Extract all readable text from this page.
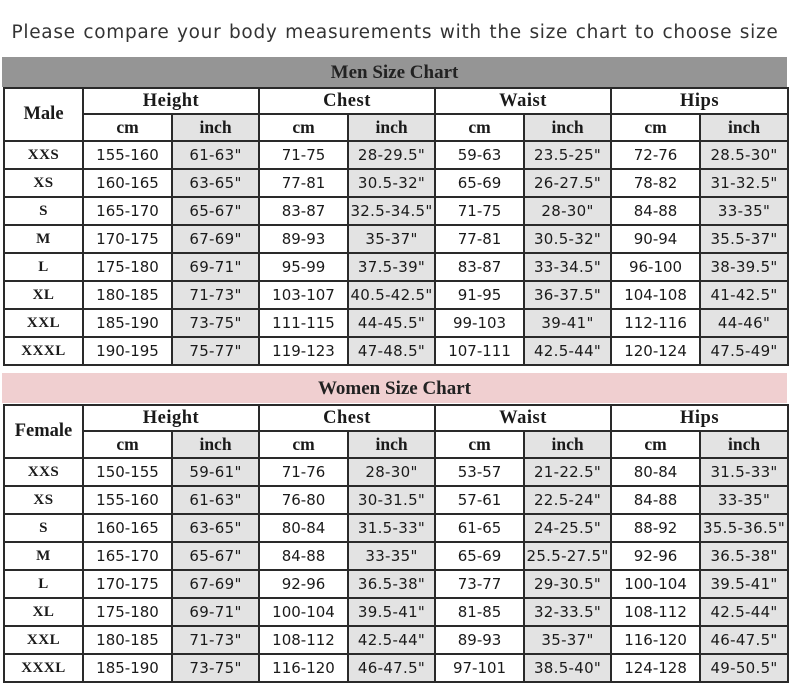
Please compare your body measurements with the size chart to choose size
Men Size Chart
Male	Height		Chest		Waist		Hips	
	cm	inch	cm	inch	cm	inch	cm	inch
XXS	155-160	61-63"	71-75	28-29.5"	59-63	23.5-25"	72-76	28.5-30"
XS	160-165	63-65"	77-81	30.5-32"	65-69	26-27.5"	78-82	31-32.5"
S	165-170	65-67"	83-87	32.5-34.5"	71-75	28-30"	84-88	33-35"
M	170-175	67-69"	89-93	35-37"	77-81	30.5-32"	90-94	35.5-37"
L	175-180	69-71"	95-99	37.5-39"	83-87	33-34.5"	96-100	38-39.5"
XL	180-185	71-73"	103-107	40.5-42.5"	91-95	36-37.5"	104-108	41-42.5"
XXL	185-190	73-75"	111-115	44-45.5"	99-103	39-41"	112-116	44-46"
XXXL	190-195	75-77"	119-123	47-48.5"	107-111	42.5-44"	120-124	47.5-49"
Women Size Chart
Female	Height		Chest		Waist		Hips	
	cm	inch	cm	inch	cm	inch	cm	inch
XXS	150-155	59-61"	71-76	28-30"	53-57	21-22.5"	80-84	31.5-33"
XS	155-160	61-63"	76-80	30-31.5"	57-61	22.5-24"	84-88	33-35"
S	160-165	63-65"	80-84	31.5-33"	61-65	24-25.5"	88-92	35.5-36.5"
M	165-170	65-67"	84-88	33-35"	65-69	25.5-27.5"	92-96	36.5-38"
L	170-175	67-69"	92-96	36.5-38"	73-77	29-30.5"	100-104	39.5-41"
XL	175-180	69-71"	100-104	39.5-41"	81-85	32-33.5"	108-112	42.5-44"
XXL	180-185	71-73"	108-112	42.5-44"	89-93	35-37"	116-120	46-47.5"
XXXL	185-190	73-75"	116-120	46-47.5"	97-101	38.5-40"	124-128	49-50.5"
